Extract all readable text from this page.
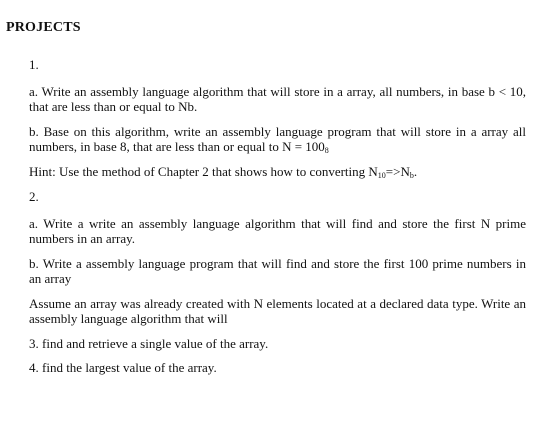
PROJECTS
1.

a. Write an assembly language algorithm that will store in a array, all numbers, in base b < 10, that are less than or equal to Nb.

b. Base on this algorithm, write an assembly language program that will store in a array all numbers, in base 8, that are less than or equal to $N = 100_8$

Hint: Use the method of Chapter 2 that shows how to converting $N_{10}=>N_b$.

2.

a. Write a write an assembly language algorithm that will find and store the first N prime numbers in an array.

b. Write a assembly language program that will find and store the first 100 prime numbers in an array

Assume an array was already created with N elements located at a declared data type. Write an assembly language algorithm that will

3. find and retrieve a single value of the array.

4. find the largest value of the array.
